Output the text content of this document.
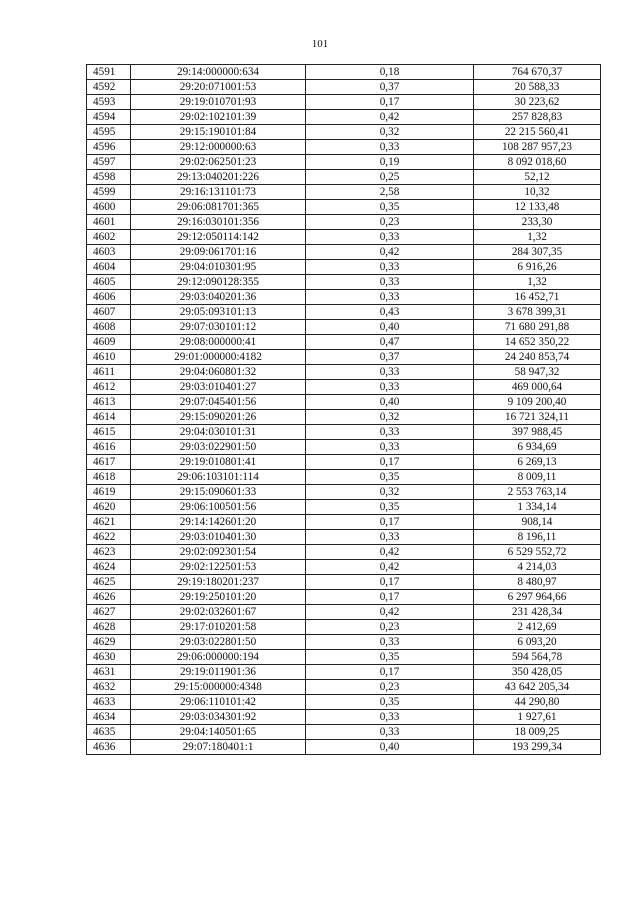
101
4591	29:14:000000:634	0,18	764 670,37
4592	29:20:071001:53	0,37	20 588,33
4593	29:19:010701:93	0,17	30 223,62
4594	29:02:102101:39	0,42	257 828,83
4595	29:15:190101:84	0,32	22 215 560,41
4596	29:12:000000:63	0,33	108 287 957,23
4597	29:02:062501:23	0,19	8 092 018,60
4598	29:13:040201:226	0,25	52,12
4599	29:16:131101:73	2,58	10,32
4600	29:06:081701:365	0,35	12 133,48
4601	29:16:030101:356	0,23	233,30
4602	29:12:050114:142	0,33	1,32
4603	29:09:061701:16	0,42	284 307,35
4604	29:04:010301:95	0,33	6 916,26
4605	29:12:090128:355	0,33	1,32
4606	29:03:040201:36	0,33	16 452,71
4607	29:05:093101:13	0,43	3 678 399,31
4608	29:07:030101:12	0,40	71 680 291,88
4609	29:08:000000:41	0,47	14 652 350,22
4610	29:01:000000:4182	0,37	24 240 853,74
4611	29:04:060801:32	0,33	58 947,32
4612	29:03:010401:27	0,33	469 000,64
4613	29:07:045401:56	0,40	9 109 200,40
4614	29:15:090201:26	0,32	16 721 324,11
4615	29:04:030101:31	0,33	397 988,45
4616	29:03:022901:50	0,33	6 934,69
4617	29:19:010801:41	0,17	6 269,13
4618	29:06:103101:114	0,35	8 009,11
4619	29:15:090601:33	0,32	2 553 763,14
4620	29:06:100501:56	0,35	1 334,14
4621	29:14:142601:20	0,17	908,14
4622	29:03:010401:30	0,33	8 196,11
4623	29:02:092301:54	0,42	6 529 552,72
4624	29:02:122501:53	0,42	4 214,03
4625	29:19:180201:237	0,17	8 480,97
4626	29:19:250101:20	0,17	6 297 964,66
4627	29:02:032601:67	0,42	231 428,34
4628	29:17:010201:58	0,23	2 412,69
4629	29:03:022801:50	0,33	6 093,20
4630	29:06:000000:194	0,35	594 564,78
4631	29:19:011901:36	0,17	350 428,05
4632	29:15:000000:4348	0,23	43 642 205,34
4633	29:06:110101:42	0,35	44 290,80
4634	29:03:034301:92	0,33	1 927,61
4635	29:04:140501:65	0,33	18 009,25
4636	29:07:180401:1	0,40	193 299,34
